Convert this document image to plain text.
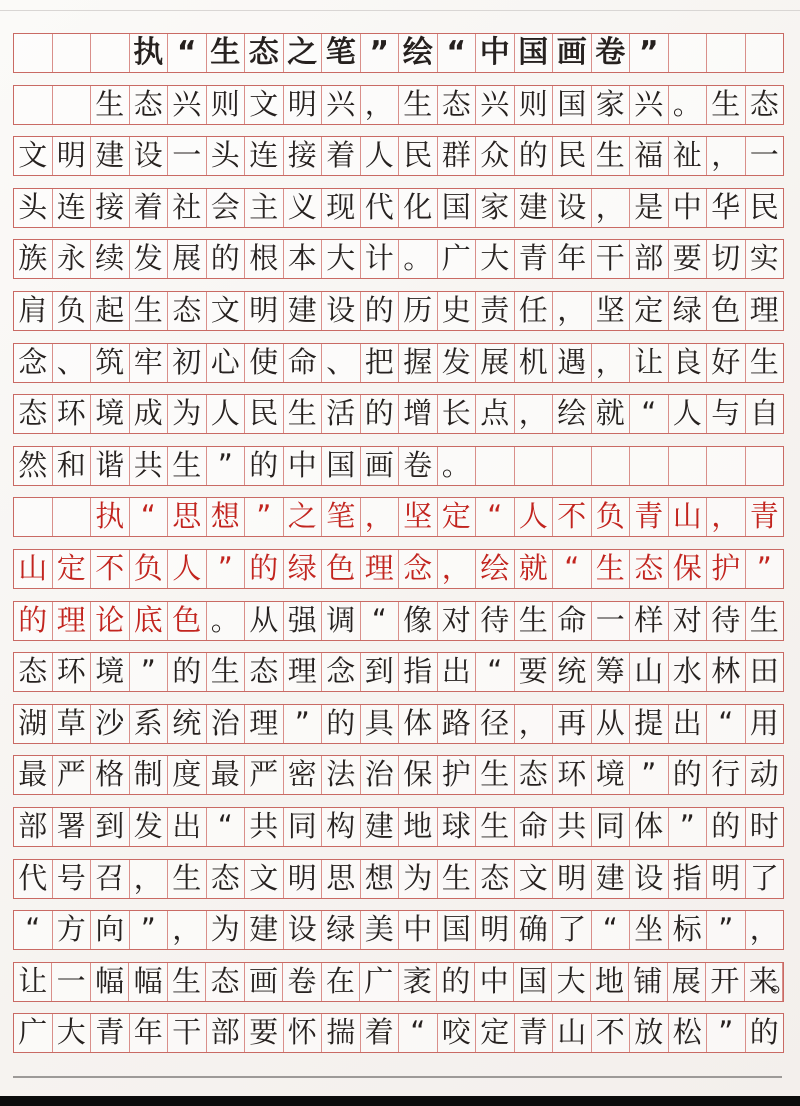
执 “ 生 态 之 笔 ” 绘 “ 中 国 画 卷 ”
生 态 兴 则 文 明 兴 ， 生 态 兴 则 国 家 兴 。 生 态
文 明 建 设 一 头 连 接 着 人 民 群 众 的 民 生 福 祉 ， 一
头 连 接 着 社 会 主 义 现 代 化 国 家 建 设 ， 是 中 华 民
族 永 续 发 展 的 根 本 大 计 。 广 大 青 年 干 部 要 切 实
肩 负 起 生 态 文 明 建 设 的 历 史 责 任 ， 坚 定 绿 色 理
念 、 筑 牢 初 心 使 命 、 把 握 发 展 机 遇 ， 让 良 好 生
态 环 境 成 为 人 民 生 活 的 增 长 点 ， 绘 就 “ 人 与 自
然 和 谐 共 生 ” 的 中 国 画 卷 。
执 “ 思 想 ” 之 笔 ， 坚 定 “ 人 不 负 青 山 ， 青
山 定 不 负 人 ” 的 绿 色 理 念 ， 绘 就 “ 生 态 保 护 ”
的 理 论 底 色 。 从 强 调 “ 像 对 待 生 命 一 样 对 待 生
态 环 境 ” 的 生 态 理 念 到 指 出 “ 要 统 筹 山 水 林 田
湖 草 沙 系 统 治 理 ” 的 具 体 路 径 ， 再 从 提 出 “ 用
最 严 格 制 度 最 严 密 法 治 保 护 生 态 环 境 ” 的 行 动
部 署 到 发 出 “ 共 同 构 建 地 球 生 命 共 同 体 ” 的 时
代 号 召 ， 生 态 文 明 思 想 为 生 态 文 明 建 设 指 明 了
“ 方 向 ” ， 为 建 设 绿 美 中 国 明 确 了 “ 坐 标 ” ，
让 一 幅 幅 生 态 画 卷 在 广 袤 的 中 国 大 地 铺 展 开 来
。
广 大 青 年 干 部 要 怀 揣 着 “ 咬 定 青 山 不 放 松 ” 的
